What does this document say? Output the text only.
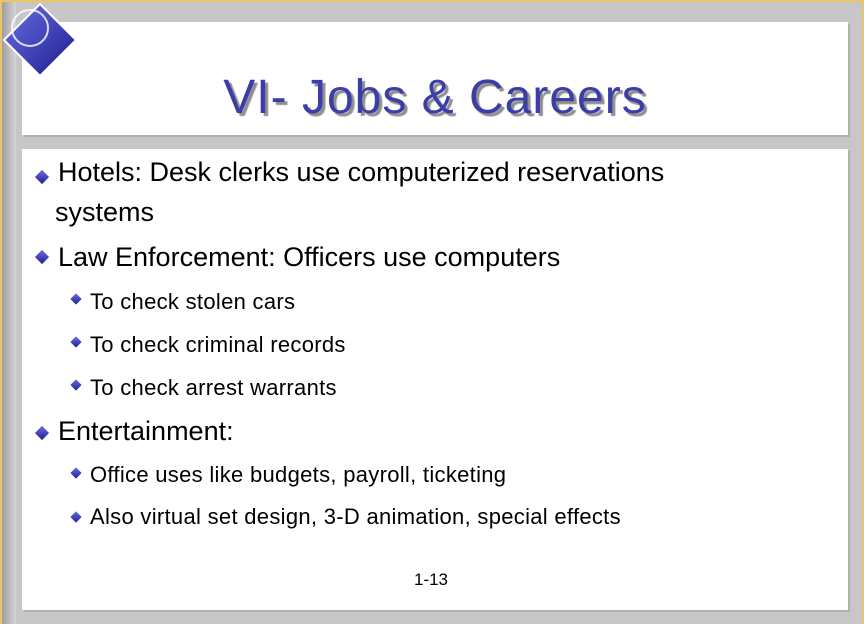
VI- Jobs & Careers
Hotels: Desk clerks use computerized reservations
systems
Law Enforcement: Officers use computers
To check stolen cars
To check criminal records
To check arrest warrants
Entertainment:
Office uses like budgets, payroll, ticketing
Also virtual set design, 3-D animation, special effects
1-13
